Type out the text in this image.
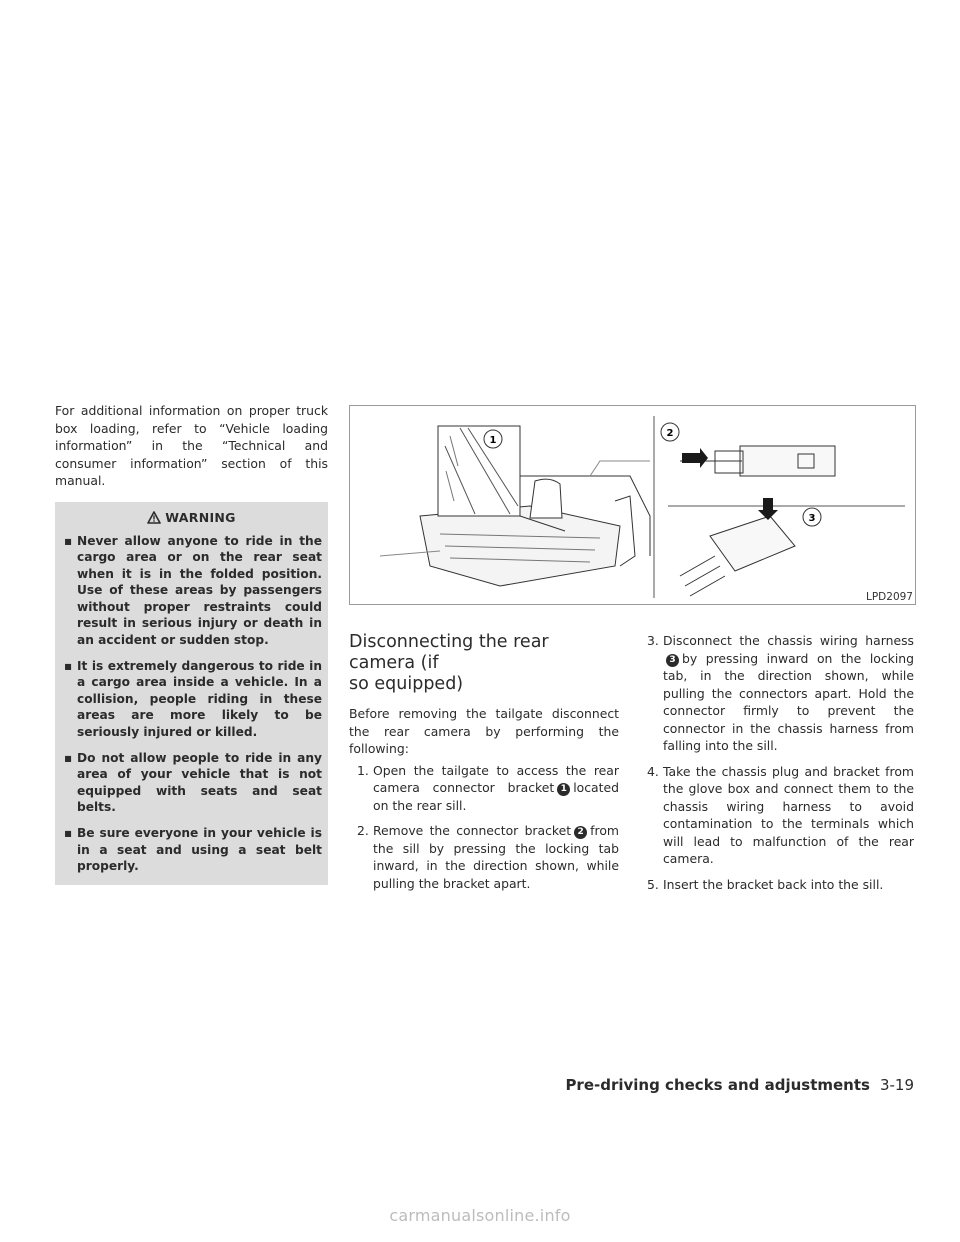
For additional information on proper truck box loading, refer to “Vehicle loading information” in the “Technical and consumer information” section of this manual.

WARNING
▪ Never allow anyone to ride in the cargo area or on the rear seat when it is in the folded position. Use of these areas by passengers without proper restraints could result in serious injury or death in an accident or sudden stop.
▪ It is extremely dangerous to ride in a cargo area inside a vehicle. In a collision, people riding in these areas are more likely to be seriously injured or killed.
▪ Do not allow people to ride in any area of your vehicle that is not equipped with seats and seat belts.
▪ Be sure everyone in your vehicle is in a seat and using a seat belt properly.
1
2
3
LPD2097
Disconnecting the rear camera (if
so equipped)

Before removing the tailgate disconnect the rear camera by performing the following:

1. Open the tailgate to access the rear camera connector bracket 1 located on the rear sill.
2. Remove the connector bracket 2 from the sill by pressing the locking tab inward, in the direction shown, while pulling the bracket apart.
3. Disconnect the chassis wiring harness3 by pressing inward on the locking tab, in the direction shown, while pulling the connectors apart. Hold the connector firmly to prevent the connector in the chassis harness from falling into the sill.
4. Take the chassis plug and bracket from the glove box and connect them to the chassis wiring harness to avoid contamination to the terminals which will lead to malfunction of the rear camera.
5. Insert the bracket back into the sill.
Pre-driving checks and adjustments 3-19
carmanualsonline.info
